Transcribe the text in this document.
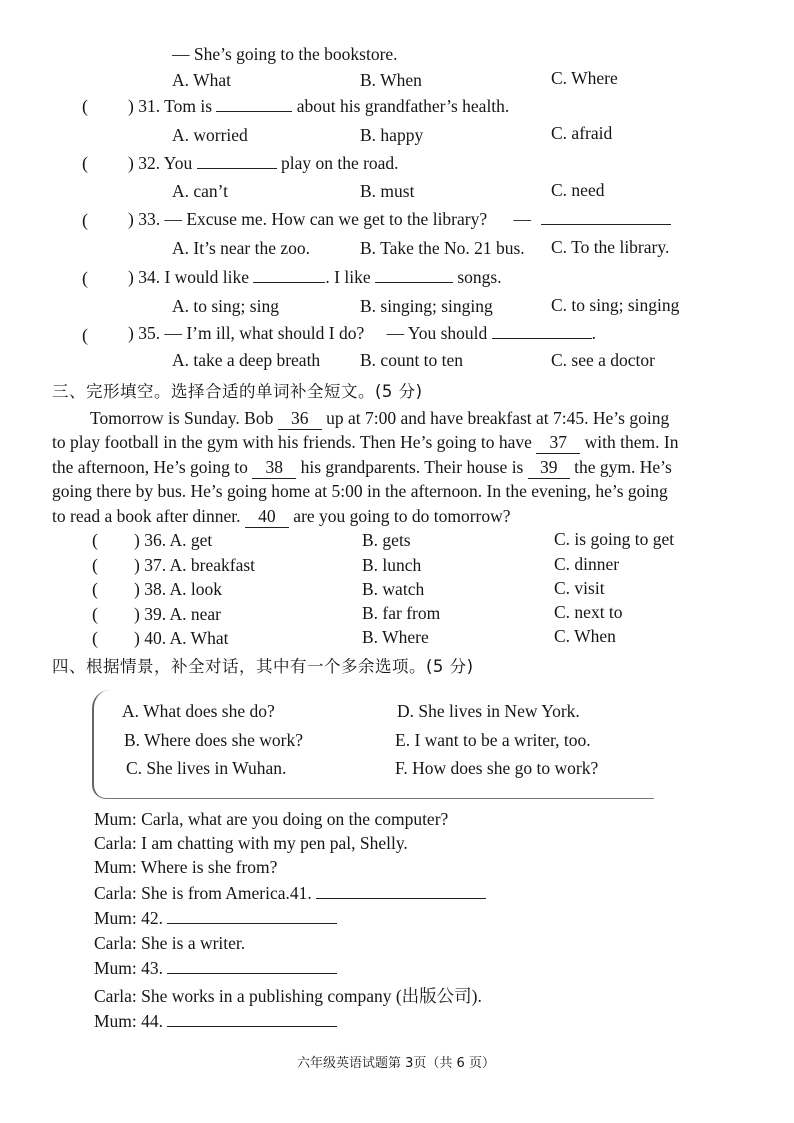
— She’s going to the bookstore.
A. What	B. When	C. Where
( ) 31. Tom is	about his grandfather’s health.
A. worried	B. happy	C. afraid
( ) 32. You	play on the road.
A. can’t	B. must	C. need
( ) 33. — Excuse me. How can we get to the library? —
A. It’s near the zoo.	B. Take the No. 21 bus. C. To the library.
( ) 34. I would like	. I like	songs.
A. to sing; sing	B. singing; singing	C. to sing; singing
( ) 35. — I’m ill, what should I do? — You should	.
A. take a deep breath B. count to ten	C. see a doctor
三、完形填空。选择合适的单词补全短文。(5 分)
Tomorrow is Sunday. Bob 36 up at 7:00 and have breakfast at 7:45. He’s going
to play football in the gym with his friends. Then He’s going to have 37 with them. In
the afternoon, He’s going to 38 his grandparents. Their house is 39 the gym. He’s
going there by bus. He’s going home at 5:00 in the afternoon. In the evening, he’s going
to read a book after dinner. 40 are you going to do tomorrow?
( ) 36. A. get	B. gets	C. is going to get
( ) 37. A. breakfast	B. lunch	C. dinner
( ) 38. A. look	B. watch	C. visit
( ) 39. A. near	B. far from	C. next to
( ) 40. A. What	B. Where	C. When
四、根据情景，补全对话，其中有一个多余选项。(5 分)
A. What does she do?
B. Where does she work?
C. She lives in Wuhan.
D. She lives in New York.
E. I want to be a writer, too.
F. How does she go to work?
Mum: Carla, what are you doing on the computer?
Carla: I am chatting with my pen pal, Shelly.
Mum: Where is she from?
Carla: She is from America.41.
Mum: 42.
Carla: She is a writer.
Mum: 43.
Carla: She works in a publishing company (出版公司).
Mum: 44.
六年级英语试题第 3页（共 6 页）
